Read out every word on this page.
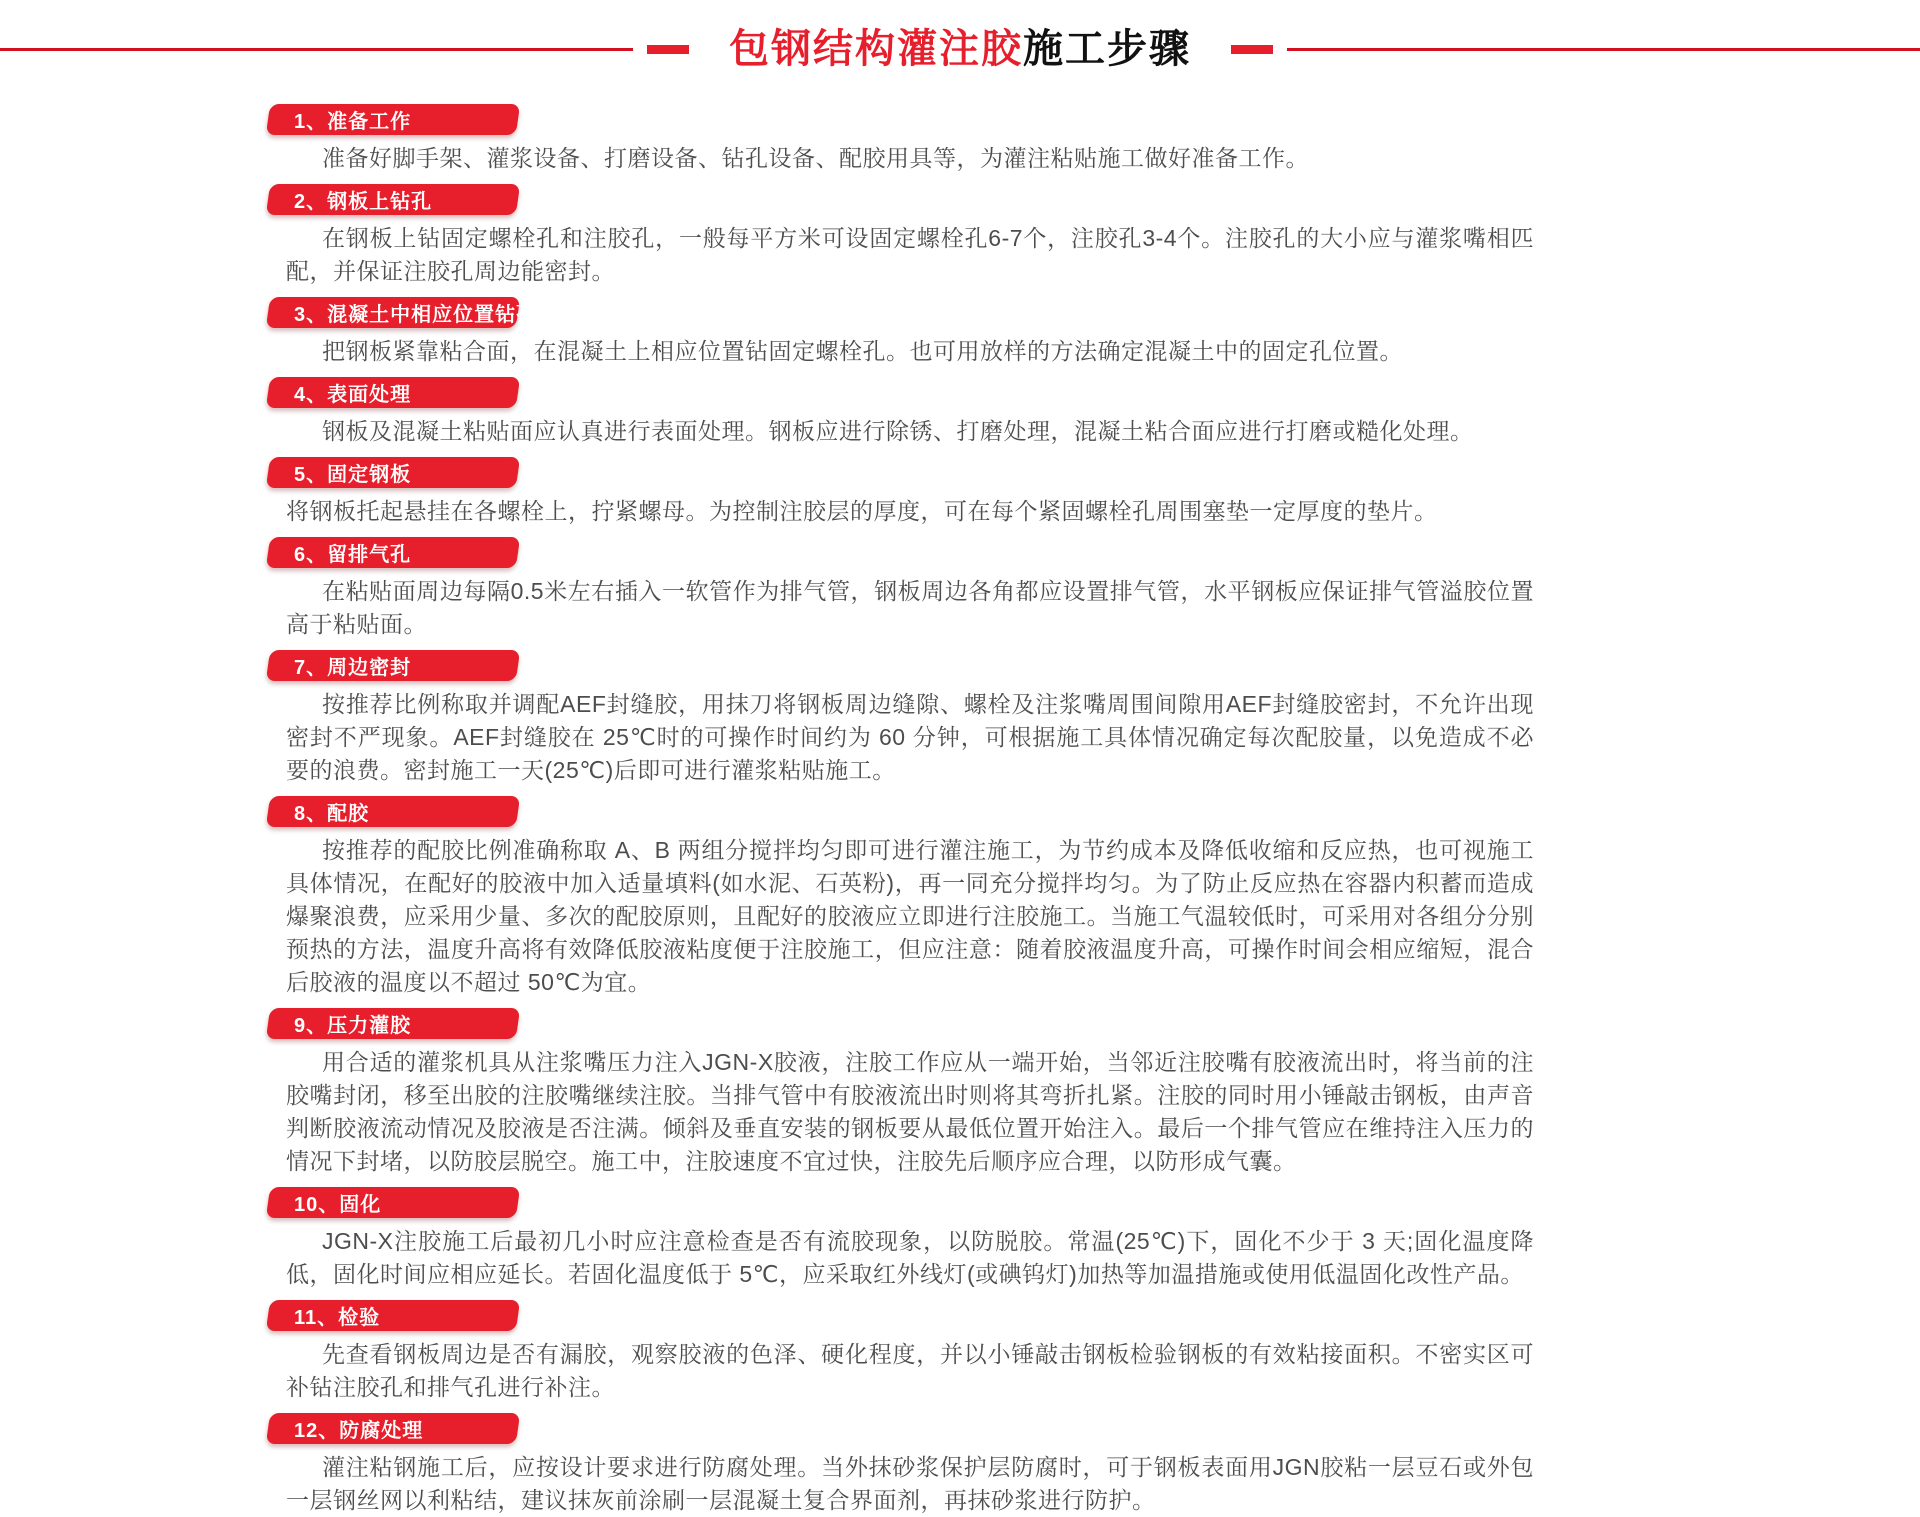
包钢结构灌注胶施工步骤
1、准备工作

准备好脚手架、灌浆设备、打磨设备、钻孔设备、配胶用具等，为灌注粘贴施工做好准备工作。

2、钢板上钻孔

在钢板上钻固定螺栓孔和注胶孔，一般每平方米可设固定螺栓孔6-7个，注胶孔3-4个。注胶孔的大小应与灌浆嘴相匹配，并保证注胶孔周边能密封。

3、混凝土中相应位置钻孔

把钢板紧靠粘合面，在混凝土上相应位置钻固定螺栓孔。也可用放样的方法确定混凝土中的固定孔位置。

4、表面处理

钢板及混凝土粘贴面应认真进行表面处理。钢板应进行除锈、打磨处理，混凝土粘合面应进行打磨或糙化处理。

5、固定钢板

将钢板托起悬挂在各螺栓上，拧紧螺母。为控制注胶层的厚度，可在每个紧固螺栓孔周围塞垫一定厚度的垫片。

6、留排气孔

在粘贴面周边每隔0.5米左右插入一软管作为排气管，钢板周边各角都应设置排气管，水平钢板应保证排气管溢胶位置高于粘贴面。

7、周边密封

按推荐比例称取并调配AEF封缝胶，用抹刀将钢板周边缝隙、螺栓及注浆嘴周围间隙用AEF封缝胶密封，不允许出现密封不严现象。AEF封缝胶在 25℃时的可操作时间约为 60 分钟，可根据施工具体情况确定每次配胶量，以免造成不必要的浪费。密封施工一天(25℃)后即可进行灌浆粘贴施工。

8、配胶

按推荐的配胶比例准确称取 A、B 两组分搅拌均匀即可进行灌注施工，为节约成本及降低收缩和反应热，也可视施工具体情况，在配好的胶液中加入适量填料(如水泥、石英粉)，再一同充分搅拌均匀。为了防止反应热在容器内积蓄而造成爆聚浪费，应采用少量、多次的配胶原则，且配好的胶液应立即进行注胶施工。当施工气温较低时，可采用对各组分分别预热的方法，温度升高将有效降低胶液粘度便于注胶施工，但应注意：随着胶液温度升高，可操作时间会相应缩短，混合后胶液的温度以不超过 50℃为宜。

9、压力灌胶

用合适的灌浆机具从注浆嘴压力注入JGN-X胶液，注胶工作应从一端开始，当邻近注胶嘴有胶液流出时，将当前的注胶嘴封闭，移至出胶的注胶嘴继续注胶。当排气管中有胶液流出时则将其弯折扎紧。注胶的同时用小锤敲击钢板，由声音判断胶液流动情况及胶液是否注满。倾斜及垂直安装的钢板要从最低位置开始注入。最后一个排气管应在维持注入压力的情况下封堵，以防胶层脱空。施工中，注胶速度不宜过快，注胶先后顺序应合理，以防形成气囊。

10、固化

JGN-X注胶施工后最初几小时应注意检查是否有流胶现象，以防脱胶。常温(25℃)下，固化不少于 3 天;固化温度降低，固化时间应相应延长。若固化温度低于 5℃，应采取红外线灯(或碘钨灯)加热等加温措施或使用低温固化改性产品。

11、检验

先查看钢板周边是否有漏胶，观察胶液的色泽、硬化程度，并以小锤敲击钢板检验钢板的有效粘接面积。不密实区可补钻注胶孔和排气孔进行补注。

12、防腐处理

灌注粘钢施工后，应按设计要求进行防腐处理。当外抹砂浆保护层防腐时，可于钢板表面用JGN胶粘一层豆石或外包一层钢丝网以利粘结，建议抹灰前涂刷一层混凝土复合界面剂，再抹砂浆进行防护。
